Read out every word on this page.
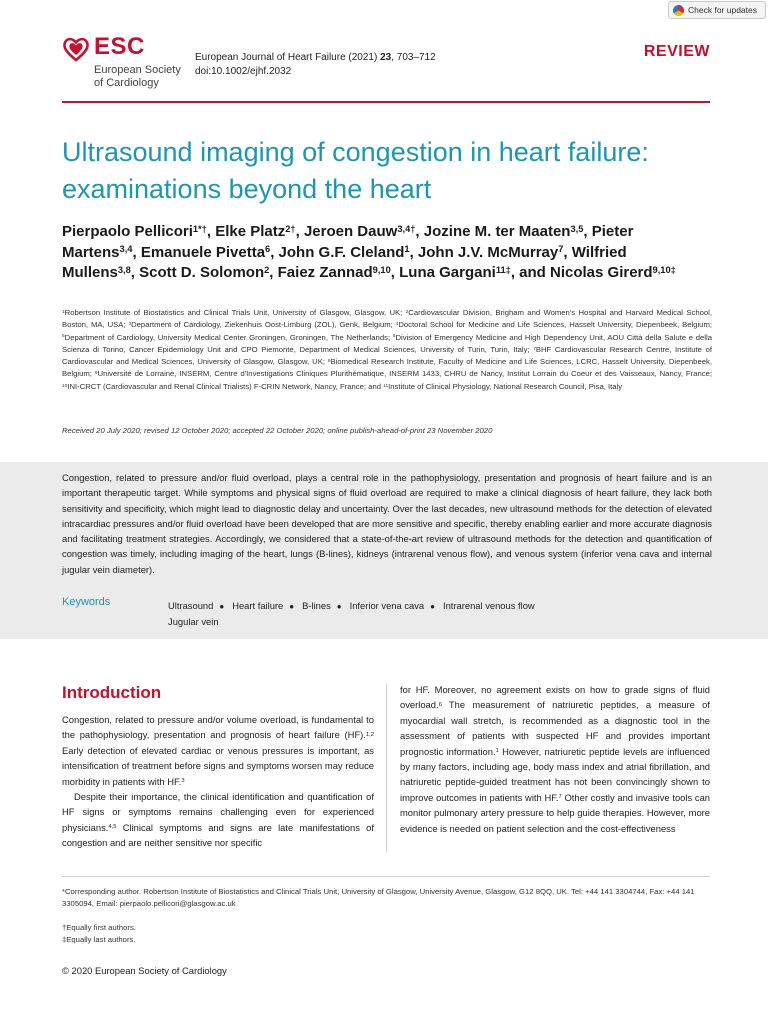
Check for updates
ESC
European Society
of Cardiology
European Journal of Heart Failure (2021) 23, 703–712
doi:10.1002/ejhf.2032
REVIEW
Ultrasound imaging of congestion in heart failure: examinations beyond the heart
Pierpaolo Pellicori$^{1*\dagger}$, Elke Platz$^{2\dagger}$, Jeroen Dauw$^{3,4\dagger}$, Jozine M. ter Maaten$^{3,5}$, Pieter Martens$^{3,4}$, Emanuele Pivetta$^6$, John G.F. Cleland$^1$, John J.V. McMurray$^7$, Wilfried Mullens$^{3,8}$, Scott D. Solomon$^2$, Faiez Zannad$^{9,10}$, Luna Gargani$^{11\ddagger}$, and Nicolas Girerd$^{9,10\ddagger}$
$^1$Robertson Institute of Biostatistics and Clinical Trials Unit, University of Glasgow, Glasgow, UK; $^2$Cardiovascular Division, Brigham and Women's Hospital and Harvard Medical School, Boston, MA, USA; $^3$Department of Cardiology, Ziekenhuis Oost-Limburg (ZOL), Genk, Belgium; $^4$Doctoral School for Medicine and Life Sciences, Hasselt University, Diepenbeek, Belgium; $^5$Department of Cardiology, University Medical Center Groningen, Groningen, The Netherlands; $^6$Division of Emergency Medicine and High Dependency Unit, AOU Città della Salute e della Scienza di Torino, Cancer Epidemiology Unit and CPO Piemonte, Department of Medical Sciences, University of Turin, Turin, Italy; $^7$BHF Cardiovascular Research Centre, Institute of Cardiovascular and Medical Sciences, University of Glasgow, Glasgow, UK; $^8$Biomedical Research Institute, Faculty of Medicine and Life Sciences, LCRC, Hasselt University, Diepenbeek, Belgium; $^9$Université de Lorraine, INSERM, Centre d'Investigations Cliniques Plurithématique, INSERM 1433, CHRU de Nancy, Institut Lorrain du Coeur et des Vaisseaux, Nancy, France; $^{10}$INI-CRCT (Cardiovascular and Renal Clinical Trialists) F-CRIN Network, Nancy, France; and $^{11}$Institute of Clinical Physiology, National Research Council, Pisa, Italy
Received 20 July 2020; revised 12 October 2020; accepted 22 October 2020; online publish-ahead-of-print 23 November 2020
Congestion, related to pressure and/or fluid overload, plays a central role in the pathophysiology, presentation and prognosis of heart failure and is an important therapeutic target. While symptoms and physical signs of fluid overload are required to make a clinical diagnosis of heart failure, they lack both sensitivity and specificity, which might lead to diagnostic delay and uncertainty. Over the last decades, new ultrasound methods for the detection of elevated intracardiac pressures and/or fluid overload have been developed that are more sensitive and specific, thereby enabling earlier and more accurate diagnosis and facilitating treatment strategies. Accordingly, we considered that a state-of-the-art review of ultrasound methods for the detection and quantification of congestion was timely, including imaging of the heart, lungs (B-lines), kidneys (intrarenal venous flow), and venous system (inferior vena cava and internal jugular vein diameter).
Keywords	Ultrasound ● Heart failure ● B-lines ● Inferior vena cava ● Intrarenal venous flow
Jugular vein
Introduction

Congestion, related to pressure and/or volume overload, is fundamental to the pathophysiology, presentation and prognosis of heart failure (HF).$^{1,2}$ Early detection of elevated cardiac or venous pressures is important, as intensification of treatment before signs and symptoms worsen may reduce morbidity in patients with HF.$^3$

Despite their importance, the clinical identification and quantification of HF signs or symptoms remains challenging even for experienced physicians.$^{4,5}$ Clinical symptoms and signs are late manifestations of congestion and are neither sensitive nor specific

for HF. Moreover, no agreement exists on how to grade signs of fluid overload.$^6$ The measurement of natriuretic peptides, a measure of myocardial wall stretch, is recommended as a diagnostic tool in the assessment of patients with suspected HF and provides important prognostic information.$^1$ However, natriuretic peptide levels are influenced by many factors, including age, body mass index and atrial fibrillation, and natriuretic peptide-guided treatment has not been convincingly shown to improve outcomes in patients with HF.$^7$ Other costly and invasive tools can monitor pulmonary artery pressure to help guide therapies. However, more evidence is needed on patient selection and the cost-effectiveness

*Corresponding author. Robertson Institute of Biostatistics and Clinical Trials Unit, University of Glasgow, University Avenue, Glasgow, G12 8QQ, UK. Tel: +44 141 3304744, Fax: +44 141 3305094, Email: pierpaolo.pellicori@glasgow.ac.uk
†Equally first authors.
‡Equally last authors.
© 2020 European Society of Cardiology
